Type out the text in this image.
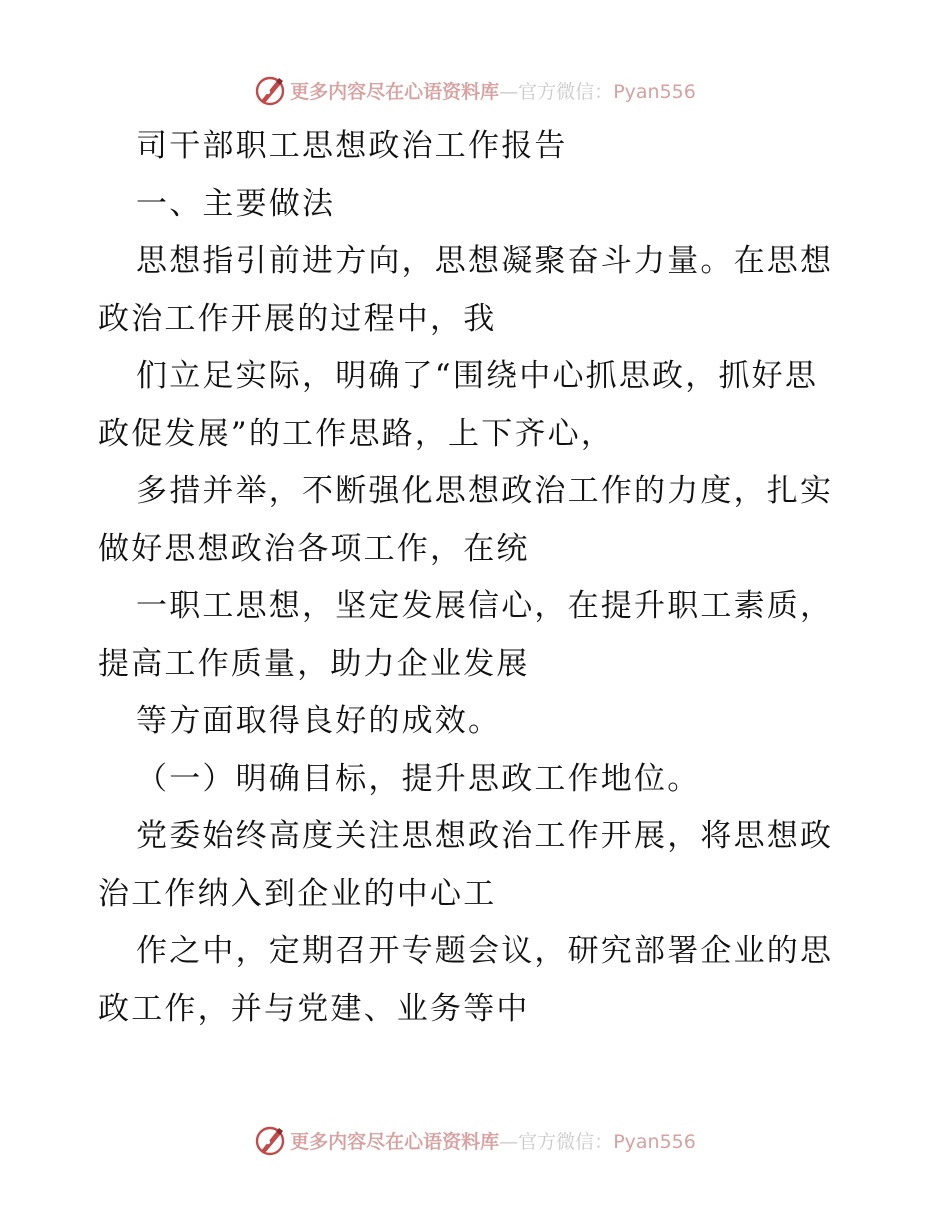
更多内容尽在心语资料库—官方微信：Pyan556
司干部职工思想政治工作报告
一、主要做法
思想指引前进方向，思想凝聚奋斗力量。在思想
政治工作开展的过程中，我
们立足实际，明确了“围绕中心抓思政，抓好思
政促发展”的工作思路，上下齐心，
多措并举，不断强化思想政治工作的力度，扎实
做好思想政治各项工作，在统
一职工思想，坚定发展信心，在提升职工素质，
提高工作质量，助力企业发展
等方面取得良好的成效。
（一）明确目标，提升思政工作地位。
党委始终高度关注思想政治工作开展，将思想政
治工作纳入到企业的中心工
作之中，定期召开专题会议，研究部署企业的思
政工作，并与党建、业务等中
更多内容尽在心语资料库—官方微信：Pyan556
